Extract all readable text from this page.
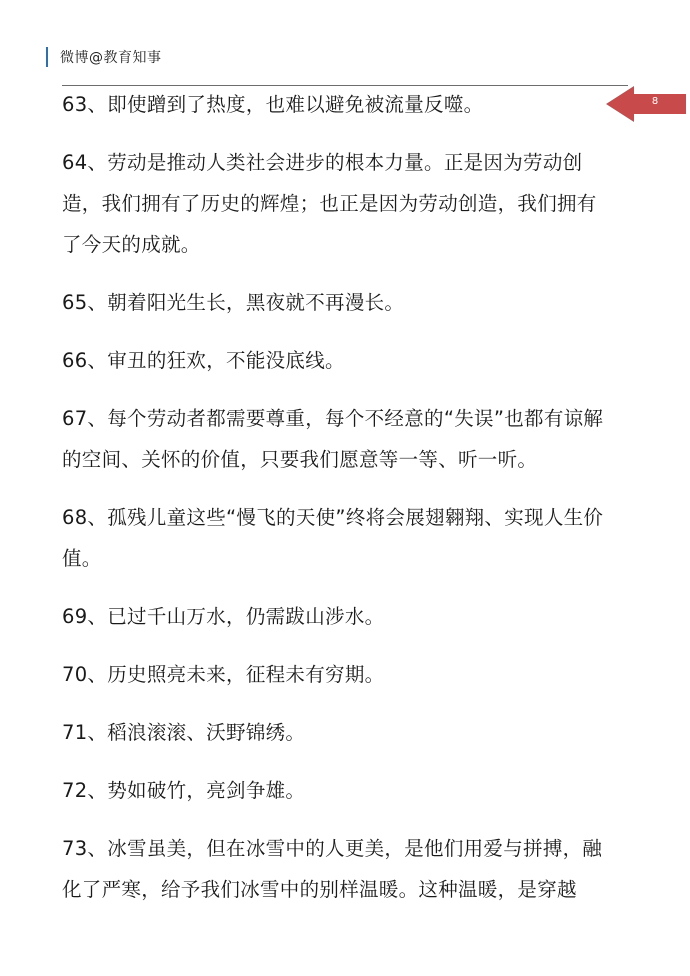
微博@教育知事
8

63、即使蹭到了热度，也难以避免被流量反噬。

64、劳动是推动人类社会进步的根本力量。正是因为劳动创
造，我们拥有了历史的辉煌；也正是因为劳动创造，我们拥有
了今天的成就。

65、朝着阳光生长，黑夜就不再漫长。

66、审丑的狂欢，不能没底线。

67、每个劳动者都需要尊重，每个不经意的“失误”也都有谅解
的空间、关怀的价值，只要我们愿意等一等、听一听。

68、孤残儿童这些“慢飞的天使”终将会展翅翱翔、实现人生价
值。

69、已过千山万水，仍需跋山涉水。

70、历史照亮未来，征程未有穷期。

71、稻浪滚滚、沃野锦绣。

72、势如破竹，亮剑争雄。

73、冰雪虽美，但在冰雪中的人更美，是他们用爱与拼搏，融
化了严寒，给予我们冰雪中的别样温暖。这种温暖，是穿越
